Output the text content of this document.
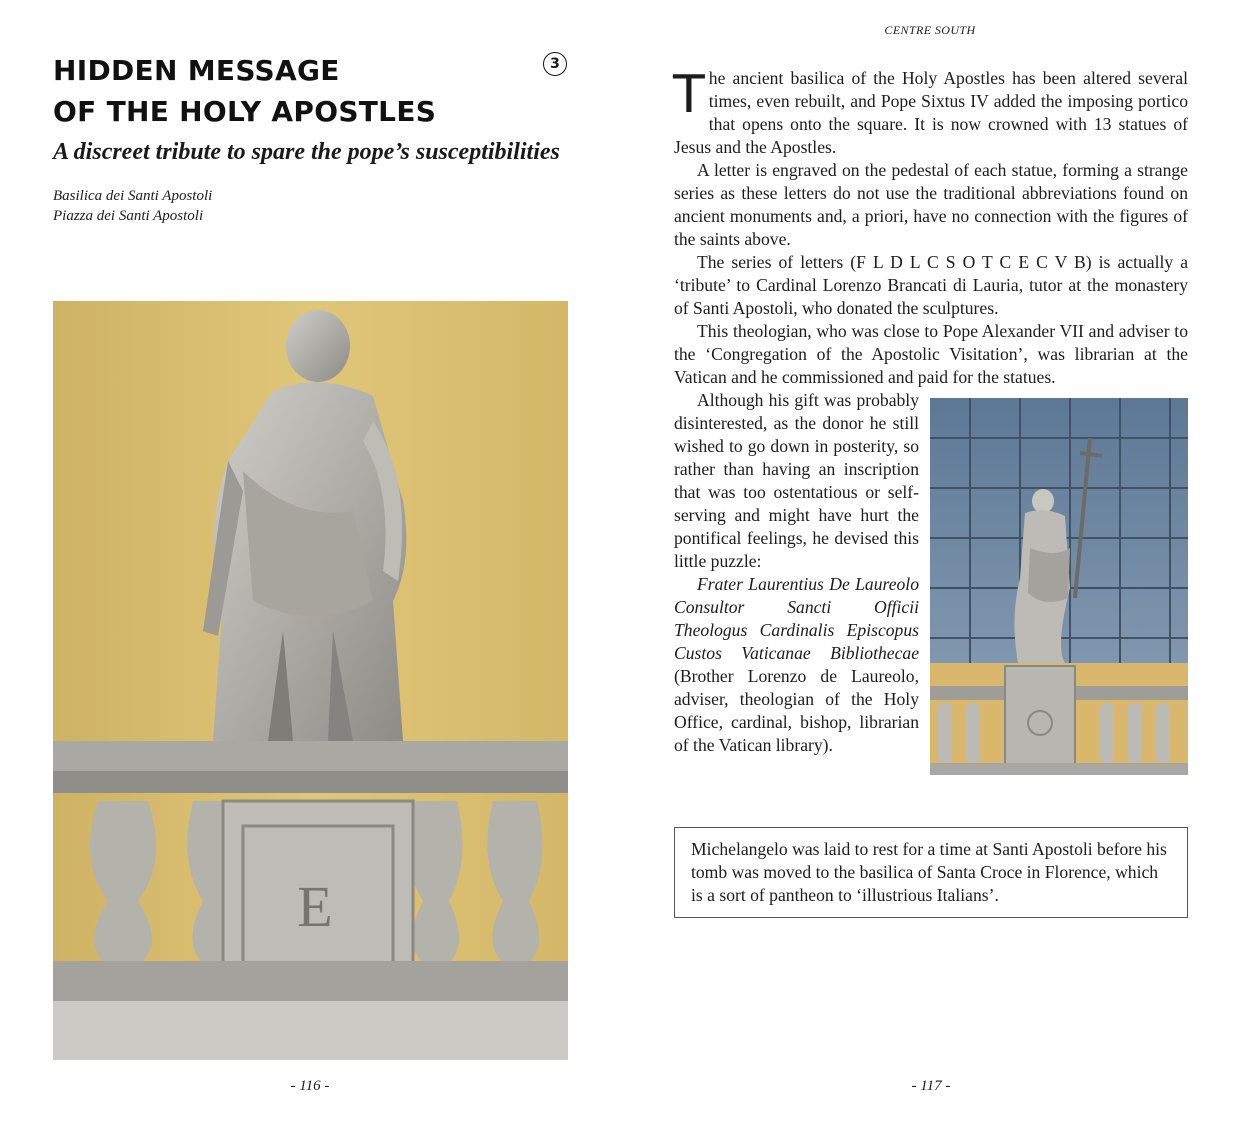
HIDDEN MESSAGE
OF THE HOLY APOSTLES
3
A discreet tribute to spare the pope’s susceptibilities
Basilica dei Santi Apostoli
Piazza dei Santi Apostoli
E
- 116 -
CENTRE SOUTH

The ancient basilica of the Holy Apostles has been altered several times, even rebuilt, and Pope Sixtus IV added the imposing portico that opens onto the square. It is now crowned with 13 statues of Jesus and the Apostles.

A letter is engraved on the pedestal of each statue, forming a strange series as these letters do not use the traditional abbreviations found on ancient monuments and, a priori, have no connection with the figures of the saints above.

The series of letters (F L D L C S O T C E C V B) is actually a ‘tribute’ to Cardinal Lorenzo Brancati di Lauria, tutor at the monastery of Santi Apostoli, who donated the sculptures.

This theologian, who was close to Pope Alexander VII and adviser to the ‘Congregation of the Apostolic Visitation’, was librarian at the Vatican and he commissioned and paid for the statues.

Although his gift was probably disinterested, as the donor he still wished to go down in posterity, so rather than having an inscription that was too ostentatious or self-serving and might have hurt the pontifical feelings, he devised this little puzzle:

Frater Laurentius De Laureolo Consultor Sancti Officii Theologus Cardinalis Episcopus Custos Vaticanae Bibliothecae (Brother Lorenzo de Laureolo, adviser, theologian of the Holy Office, cardinal, bishop, librarian of the Vatican library).

Michelangelo was laid to rest for a time at Santi Apostoli before his tomb was moved to the basilica of Santa Croce in Florence, which is a sort of pantheon to ‘illustrious Italians’.
- 117 -
